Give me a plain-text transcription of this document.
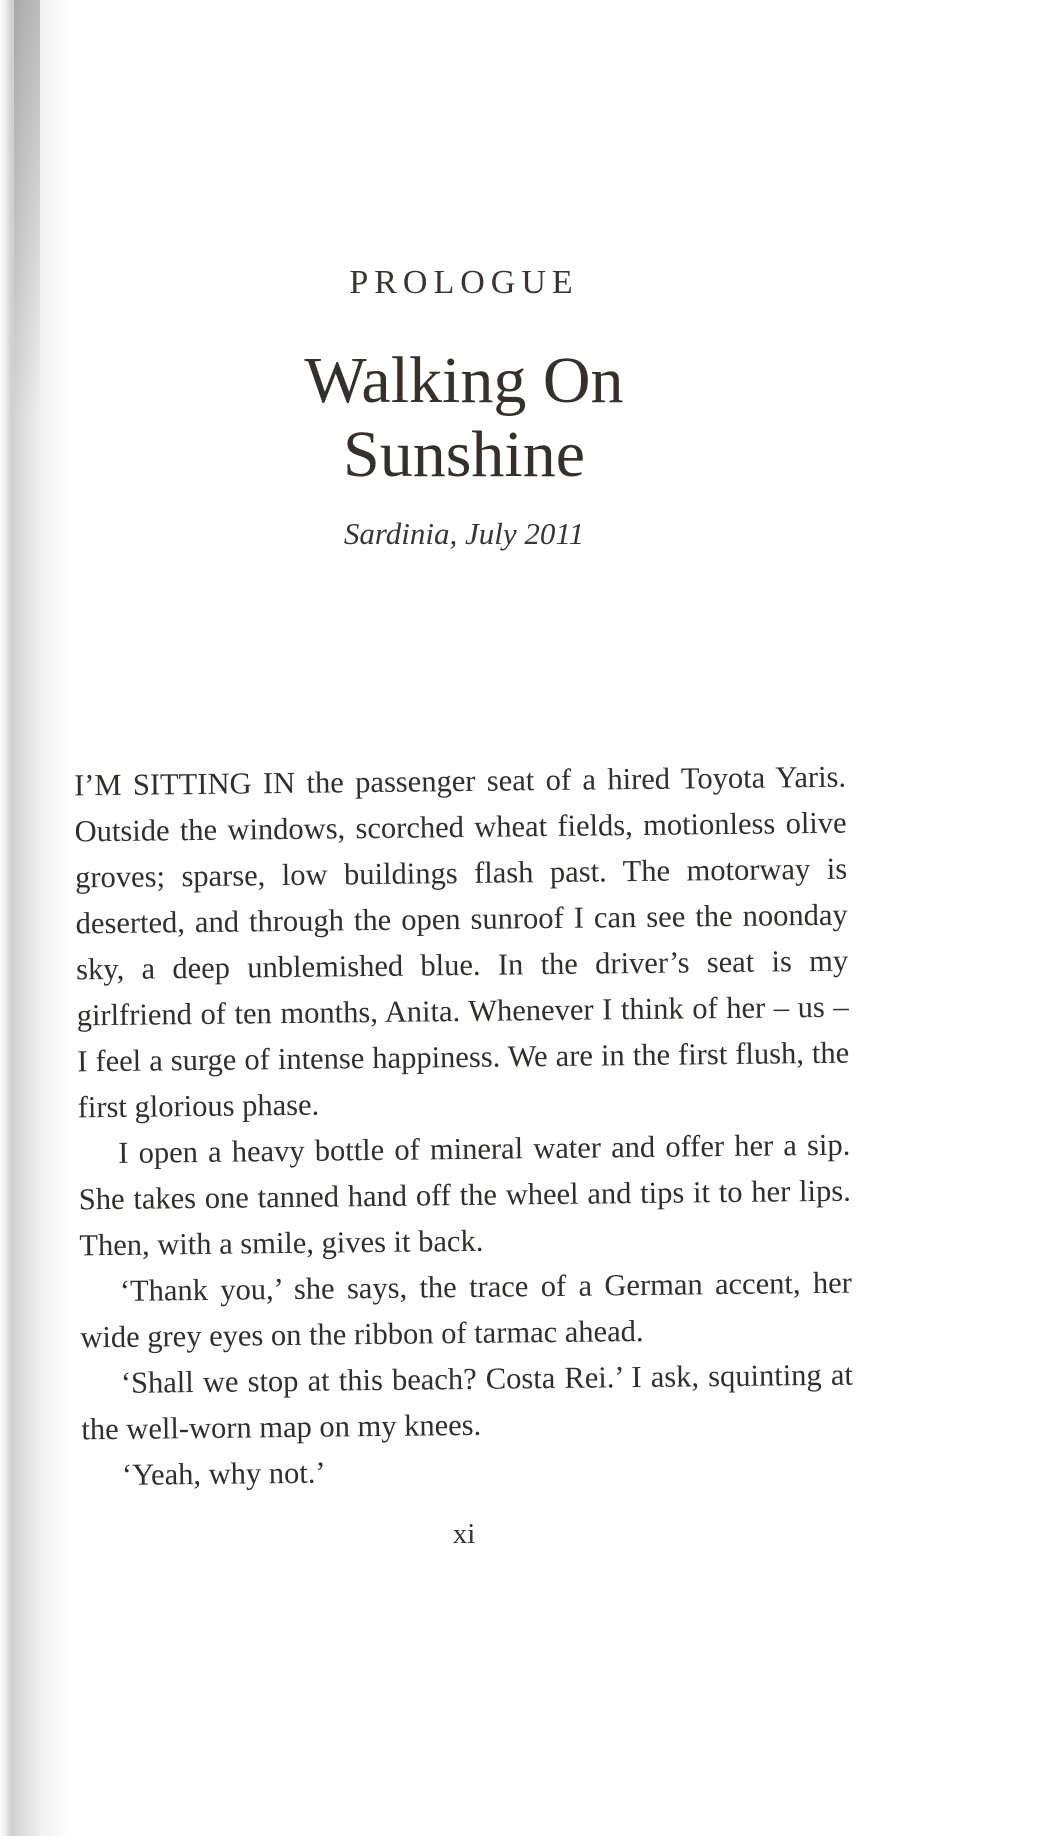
PROLOGUE
Walking On
Sunshine
Sardinia, July 2011

I’M SITTING IN the passenger seat of a hired Toyota Yaris. Outside the windows, scorched wheat fields, motionless olive groves; sparse, low buildings flash past. The motorway is deserted, and through the open sunroof I can see the noonday sky, a deep unblemished blue. In the driver’s seat is my girlfriend of ten months, Anita. Whenever I think of her – us – I feel a surge of intense happiness. We are in the first flush, the first glorious phase.

I open a heavy bottle of mineral water and offer her a sip. She takes one tanned hand off the wheel and tips it to her lips. Then, with a smile, gives it back.

‘Thank you,’ she says, the trace of a German accent, her wide grey eyes on the ribbon of tarmac ahead.

‘Shall we stop at this beach? Costa Rei.’ I ask, squinting at the well-worn map on my knees.

‘Yeah, why not.’

xi
